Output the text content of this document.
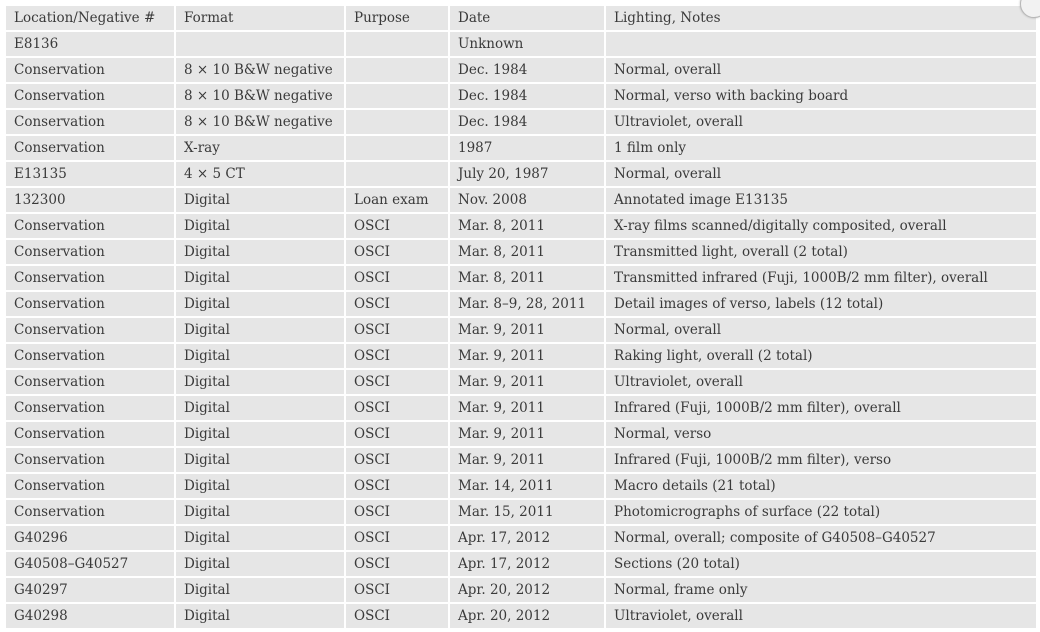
Location/Negative #	Format	Purpose	Date	Lighting, Notes
E8136			Unknown	
Conservation	8 × 10 B&W negative		Dec. 1984	Normal, overall
Conservation	8 × 10 B&W negative		Dec. 1984	Normal, verso with backing board
Conservation	8 × 10 B&W negative		Dec. 1984	Ultraviolet, overall
Conservation	X-ray		1987	1 film only
E13135	4 × 5 CT		July 20, 1987	Normal, overall
132300	Digital	Loan exam	Nov. 2008	Annotated image E13135
Conservation	Digital	OSCI	Mar. 8, 2011	X-ray films scanned/digitally composited, overall
Conservation	Digital	OSCI	Mar. 8, 2011	Transmitted light, overall (2 total)
Conservation	Digital	OSCI	Mar. 8, 2011	Transmitted infrared (Fuji, 1000B/2 mm filter), overall
Conservation	Digital	OSCI	Mar. 8–9, 28, 2011	Detail images of verso, labels (12 total)
Conservation	Digital	OSCI	Mar. 9, 2011	Normal, overall
Conservation	Digital	OSCI	Mar. 9, 2011	Raking light, overall (2 total)
Conservation	Digital	OSCI	Mar. 9, 2011	Ultraviolet, overall
Conservation	Digital	OSCI	Mar. 9, 2011	Infrared (Fuji, 1000B/2 mm filter), overall
Conservation	Digital	OSCI	Mar. 9, 2011	Normal, verso
Conservation	Digital	OSCI	Mar. 9, 2011	Infrared (Fuji, 1000B/2 mm filter), verso
Conservation	Digital	OSCI	Mar. 14, 2011	Macro details (21 total)
Conservation	Digital	OSCI	Mar. 15, 2011	Photomicrographs of surface (22 total)
G40296	Digital	OSCI	Apr. 17, 2012	Normal, overall; composite of G40508–G40527
G40508–G40527	Digital	OSCI	Apr. 17, 2012	Sections (20 total)
G40297	Digital	OSCI	Apr. 20, 2012	Normal, frame only
G40298	Digital	OSCI	Apr. 20, 2012	Ultraviolet, overall
